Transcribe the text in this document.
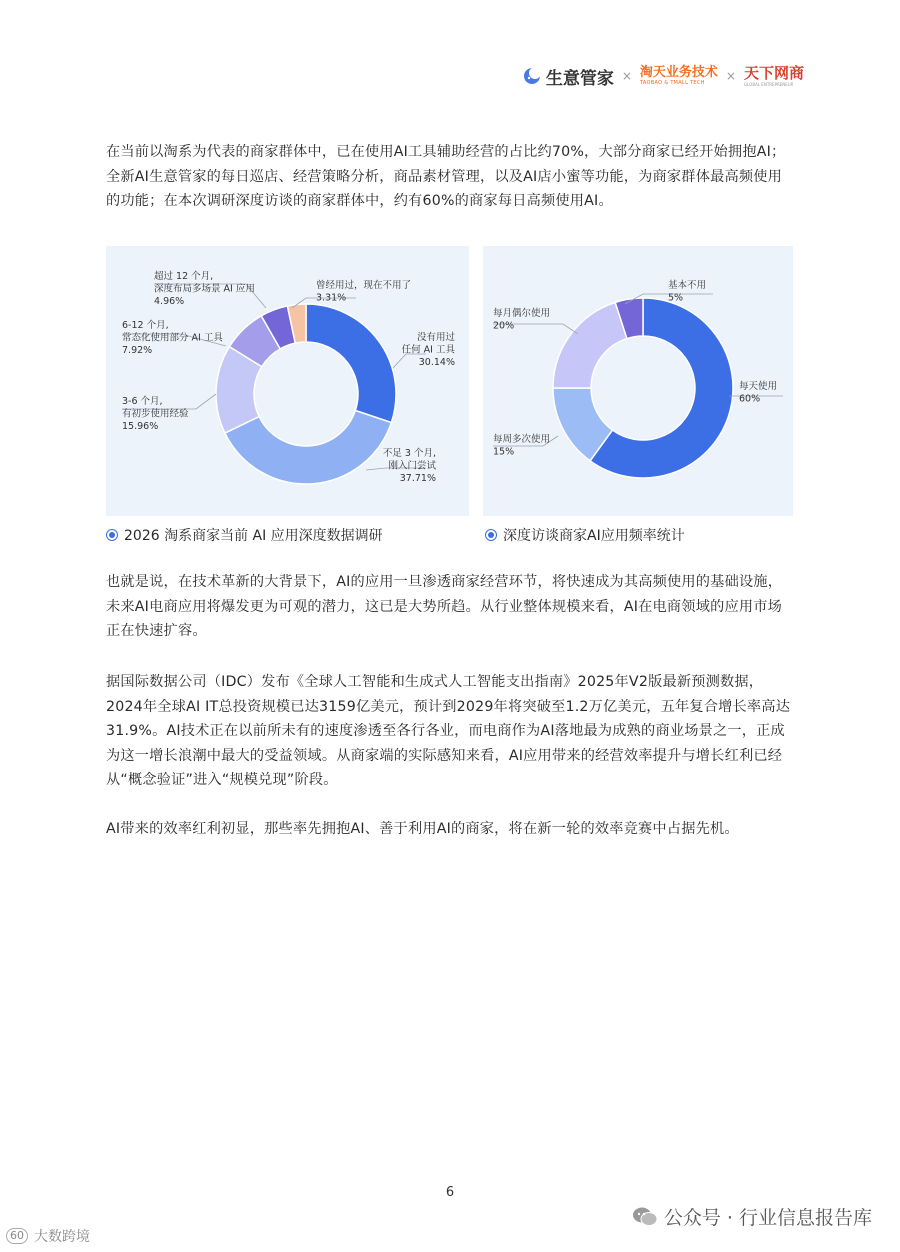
生意管家 × 淘天业务技术
TAOBAO & TMALL TECH	× 天下网商
GLOBAL ENTREPRENEUR

在当前以淘系为代表的商家群体中，已在使用AI工具辅助经营的占比约70%，大部分商家已经开始拥抱AI；全新AI生意管家的每日巡店、经营策略分析，商品素材管理，以及AI店小蜜等功能，为商家群体最高频使用的功能；在本次调研深度访谈的商家群体中，约有60%的商家每日高频使用AI。

没有用过
任何 AI 工具
30.14%
不足 3 个月,
刚入门尝试
37.71%
3-6 个月,
有初步使用经验
15.96%
6-12 个月,
常态化使用部分 AI 工具
7.92%
超过 12 个月,
深度布局多场景 AI 应用
4.96%
曾经用过，现在不用了
3.31%
每天使用
60%
每周多次使用
15%
每月偶尔使用
20%
基本不用
5%
2026 淘系商家当前 AI 应用深度数据调研	深度访谈商家AI应用频率统计

也就是说，在技术革新的大背景下，AI的应用一旦渗透商家经营环节，将快速成为其高频使用的基础设施，未来AI电商应用将爆发更为可观的潜力，这已是大势所趋。从行业整体规模来看，AI在电商领域的应用市场正在快速扩容。

据国际数据公司（IDC）发布《全球人工智能和生成式人工智能支出指南》2025年V2版最新预测数据，2024年全球AI IT总投资规模已达3159亿美元，预计到2029年将突破至1.2万亿美元，五年复合增长率高达31.9%。AI技术正在以前所未有的速度渗透至各行各业，而电商作为AI落地最为成熟的商业场景之一，正成为这一增长浪潮中最大的受益领域。从商家端的实际感知来看，AI应用带来的经营效率提升与增长红利已经从“概念验证”进入“规模兑现”阶段。

AI带来的效率红利初显，那些率先拥抱AI、善于利用AI的商家，将在新一轮的效率竞赛中占据先机。

6
公众号 · 行业信息报告库
60 大数跨境
